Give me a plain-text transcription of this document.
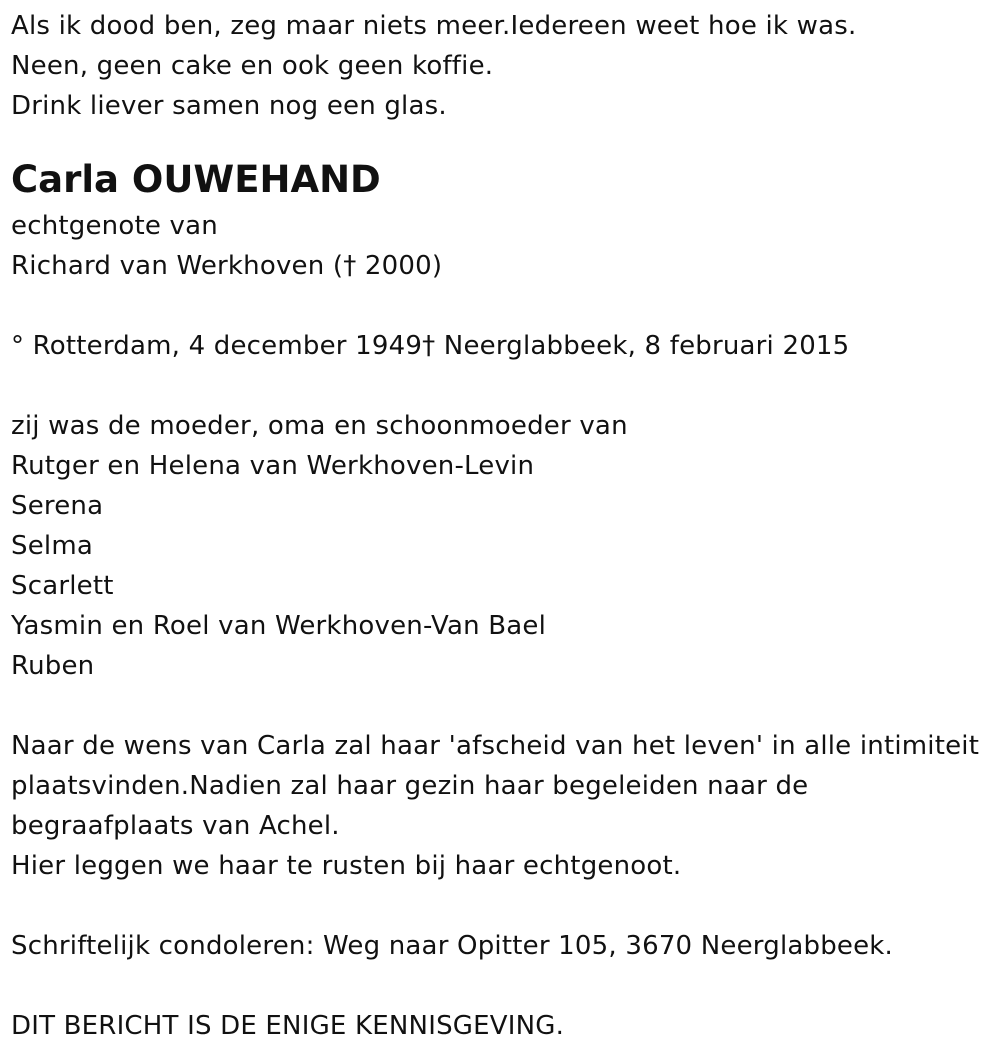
Als ik dood ben, zeg maar niets meer.Iedereen weet hoe ik was.
Neen, geen cake en ook geen koffie.
Drink liever samen nog een glas.
Carla OUWEHAND
echtgenote van
Richard van Werkhoven († 2000)
° Rotterdam, 4 december 1949† Neerglabbeek, 8 februari 2015
zij was de moeder, oma en schoonmoeder van
Rutger en Helena van Werkhoven-Levin
Serena
Selma
Scarlett
Yasmin en Roel van Werkhoven-Van Bael
Ruben
Naar de wens van Carla zal haar 'afscheid van het leven' in alle intimiteit
plaatsvinden.Nadien zal haar gezin haar begeleiden naar de
begraafplaats van Achel.
Hier leggen we haar te rusten bij haar echtgenoot.
Schriftelijk condoleren: Weg naar Opitter 105, 3670 Neerglabbeek.
DIT BERICHT IS DE ENIGE KENNISGEVING.
